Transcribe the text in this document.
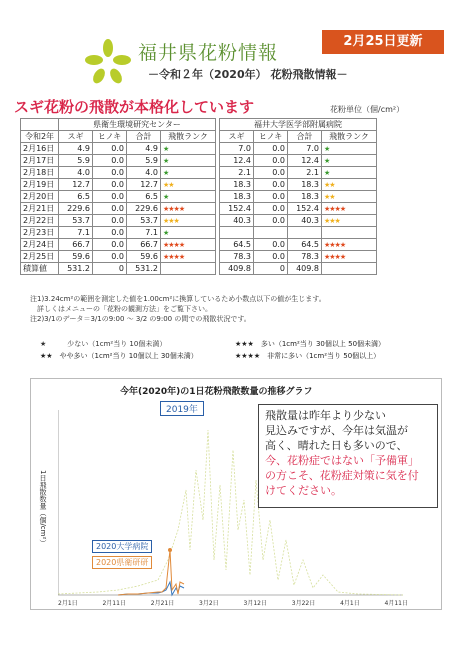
福井県花粉情報
－令和２年（2020年） 花粉飛散情報－
2月25日更新
スギ花粉の飛散が本格化しています	花粉単位（個/cm²）
	県衛生環境研究センター					福井大学医学部附属病院			
令和2年	スギ	ヒノキ	合計	飛散ランク		スギ	ヒノキ	合計	飛散ランク
2月16日	4.9	0.0	4.9	★		7.0	0.0	7.0	★
2月17日	5.9	0.0	5.9	★		12.4	0.0	12.4	★
2月18日	4.0	0.0	4.0	★		2.1	0.0	2.1	★
2月19日	12.7	0.0	12.7	★★		18.3	0.0	18.3	★★
2月20日	6.5	0.0	6.5	★		18.3	0.0	18.3	★★
2月21日	229.6	0.0	229.6	★★★★		152.4	0.0	152.4	★★★★
2月22日	53.7	0.0	53.7	★★★		40.3	0.0	40.3	★★★
2月23日	7.1	0.0	7.1	★					
2月24日	66.7	0.0	66.7	★★★★		64.5	0.0	64.5	★★★★
2月25日	59.6	0.0	59.6	★★★★		78.3	0.0	78.3	★★★★
積算値	531.2	0	531.2			409.8	0	409.8	
注1)3.24cm²の範囲を測定した値を1.00cm²に換算しているため小数点以下の値が生じます。
　詳しくはメニューの「花粉の観測方法」をご覧下さい。
注2)3/1のデータ＝3/1の9:00 ～ 3/2 の9:00 の間での飛散状況です。
★　　　少ない（1cm²当り 10個未満）	★★★　多い（1cm²当り 30個以上 50個未満）
★★　やや多い（1cm²当り 10個以上 30個未満）	★★★★　非常に多い（1cm²当り 50個以上）
今年(2020年)の1日花粉飛散数量の推移グラフ
2019年
1日飛散数量（個/cm²）
2020大学病院
2020県衛研研
2月1日	2月11日	2月21日	3月2日	3月12日	3月22日	4月1日	4月11日
飛散量は昨年より少ない
見込みですが、今年は気温が
高く、晴れた日も多いので、
今、花粉症ではない「予備軍」
の方こそ、花粉症対策に気を付
けてください。
